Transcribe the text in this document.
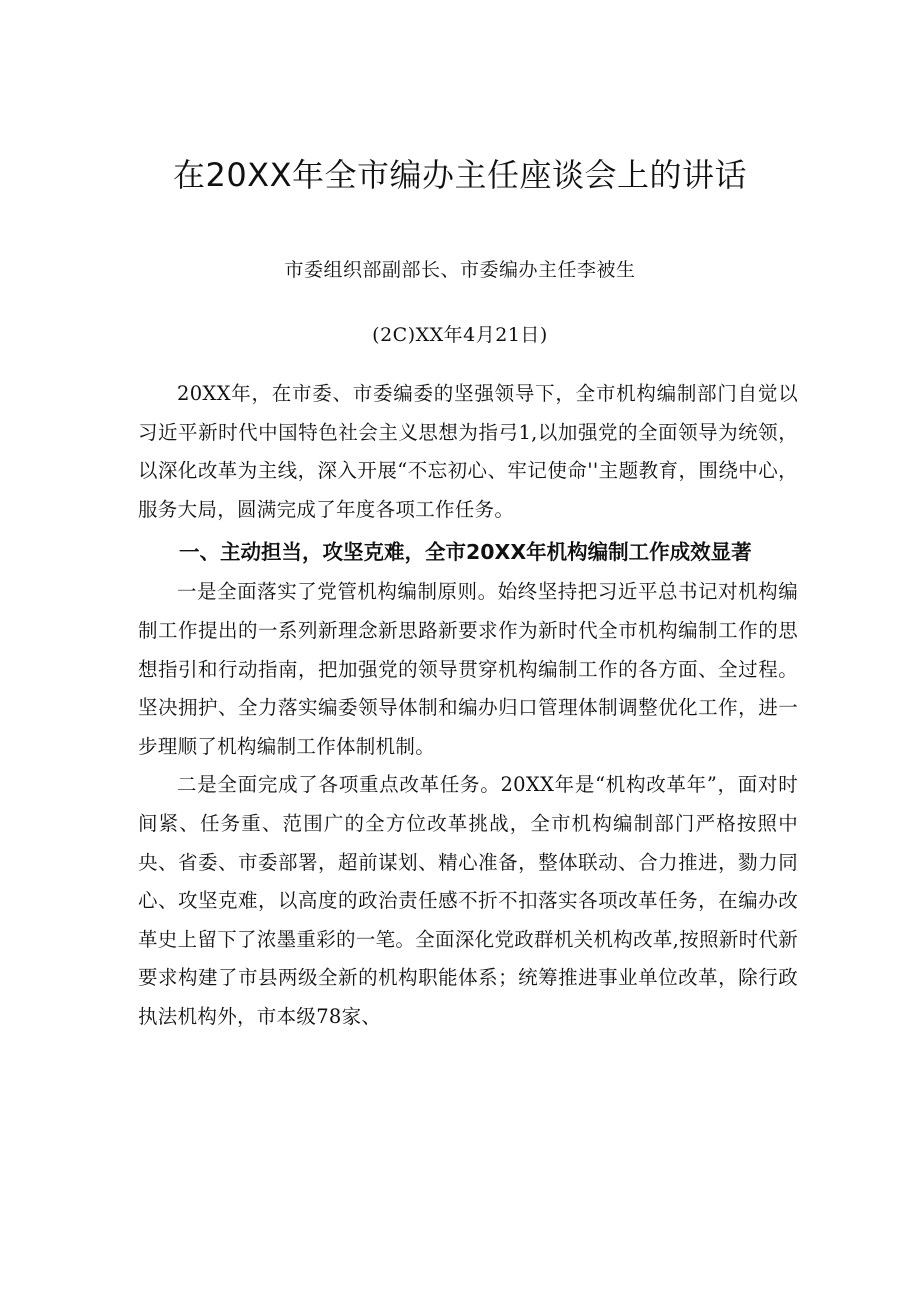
在20XX年全市编办主任座谈会上的讲话
市委组织部副部长、市委编办主任李被生
(2C)XX年4月21日)

20XX年，在市委、市委编委的坚强领导下，全市机构编制部门自觉以习近平新时代中国特色社会主义思想为指弓1,以加强党的全面领导为统领，以深化改革为主线，深入开展“不忘初心、牢记使命''主题教育，围绕中心，服务大局，圆满完成了年度各项工作任务。

一、主动担当，攻坚克难，全市20XX年机构编制工作成效显著

一是全面落实了党管机构编制原则。始终坚持把习近平总书记对机构编制工作提出的一系列新理念新思路新要求作为新时代全市机构编制工作的思想指引和行动指南，把加强党的领导贯穿机构编制工作的各方面、全过程。坚决拥护、全力落实编委领导体制和编办归口管理体制调整优化工作，进一步理顺了机构编制工作体制机制。

二是全面完成了各项重点改革任务。20XX年是“机构改革年”，面对时间紧、任务重、范围广的全方位改革挑战，全市机构编制部门严格按照中央、省委、市委部署，超前谋划、精心准备，整体联动、合力推进，勠力同心、攻坚克难，以高度的政治责任感不折不扣落实各项改革任务，在编办改革史上留下了浓墨重彩的一笔。全面深化党政群机关机构改革,按照新时代新要求构建了市县两级全新的机构职能体系；统筹推进事业单位改革，除行政执法机构外，市本级78家、
